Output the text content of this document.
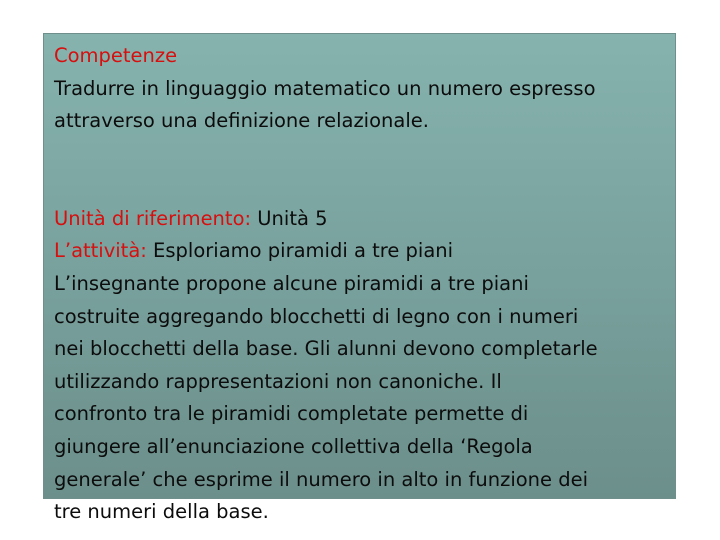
Competenze
Tradurre in linguaggio matematico un numero espresso
attraverso una definizione relazionale.
Unità di riferimento: Unità 5
L’attività: Esploriamo piramidi a tre piani
L’insegnante propone alcune piramidi a tre piani
costruite aggregando blocchetti di legno con i numeri
nei blocchetti della base. Gli alunni devono completarle
utilizzando rappresentazioni non canoniche. Il
confronto tra le piramidi completate permette di
giungere all’enunciazione collettiva della ‘Regola
generale’ che esprime il numero in alto in funzione dei
tre numeri della base.
